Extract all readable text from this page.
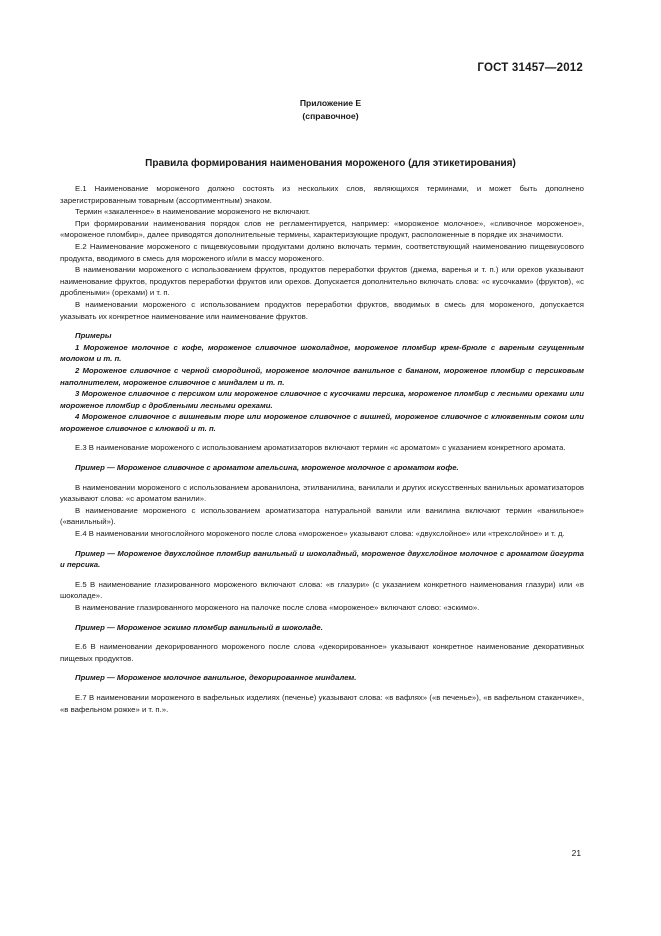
ГОСТ 31457—2012
Приложение Е
(справочное)
Правила формирования наименования мороженого (для этикетирования)

Е.1 Наименование мороженого должно состоять из нескольких слов, являющихся терминами, и может быть дополнено зарегистрированным товарным (ассортиментным) знаком.

Термин «закаленное» в наименование мороженого не включают.

При формировании наименования порядок слов не регламентируется, например: «мороженое молочное», «сливочное мороженое», «мороженое пломбир», далее приводятся дополнительные термины, характеризующие продукт, расположенные в порядке их значимости.

Е.2 Наименование мороженого с пищевкусовыми продуктами должно включать термин, соответствующий наименованию пищевкусового продукта, вводимого в смесь для мороженого и/или в массу мороженого.

В наименовании мороженого с использованием фруктов, продуктов переработки фруктов (джема, варенья и т. п.) или орехов указывают наименование фруктов, продуктов переработки фруктов или орехов. Допускается дополнительно включать слова: «с кусочками» (фруктов), «с дроблеными» (орехами) и т. п.

В наименовании мороженого с использованием продуктов переработки фруктов, вводимых в смесь для мороженого, допускается указывать их конкретное наименование или наименование фруктов.

Примеры

1 Мороженое молочное с кофе, мороженое сливочное шоколадное, мороженое пломбир крем-брюле с вареным сгущенным молоком и т. п.

2 Мороженое сливочное с черной смородиной, мороженое молочное ванильное с бананом, мороженое пломбир с персиковым наполнителем, мороженое сливочное с миндалем и т. п.

3 Мороженое сливочное с персиком или мороженое сливочное с кусочками персика, мороженое пломбир с лесными орехами или мороженое пломбир с дроблеными лесными орехами.

4 Мороженое сливочное с вишневым пюре или мороженое сливочное с вишней, мороженое сливочное с клюквенным соком или мороженое сливочное с клюквой и т. п.

Е.3 В наименование мороженого с использованием ароматизаторов включают термин «с ароматом» с указанием конкретного аромата.

Пример — Мороженое сливочное с ароматом апельсина, мороженое молочное с ароматом кофе.

В наименовании мороженого с использованием арованилона, этилванилина, ванилали и других искусственных ванильных ароматизаторов указывают слова: «с ароматом ванили».

В наименование мороженого с использованием ароматизатора натуральной ванили или ванилина включают термин «ванильное» («ванильный»).

Е.4 В наименовании многослойного мороженого после слова «мороженое» указывают слова: «двухслойное» или «трехслойное» и т. д.

Пример — Мороженое двухслойное пломбир ванильный и шоколадный, мороженое двухслойное молочное с ароматом йогурта и персика.

Е.5 В наименование глазированного мороженого включают слова: «в глазури» (с указанием конкретного наименования глазури) или «в шоколаде».

В наименование глазированного мороженого на палочке после слова «мороженое» включают слово: «эскимо».

Пример — Мороженое эскимо пломбир ванильный в шоколаде.

Е.6 В наименовании декорированного мороженого после слова «декорированное» указывают конкретное наименование декоративных пищевых продуктов.

Пример — Мороженое молочное ванильное, декорированное миндалем.

Е.7 В наименовании мороженого в вафельных изделиях (печенье) указывают слова: «в вафлях» («в печенье»), «в вафельном стаканчике», «в вафельном рожке» и т. п.».

21
